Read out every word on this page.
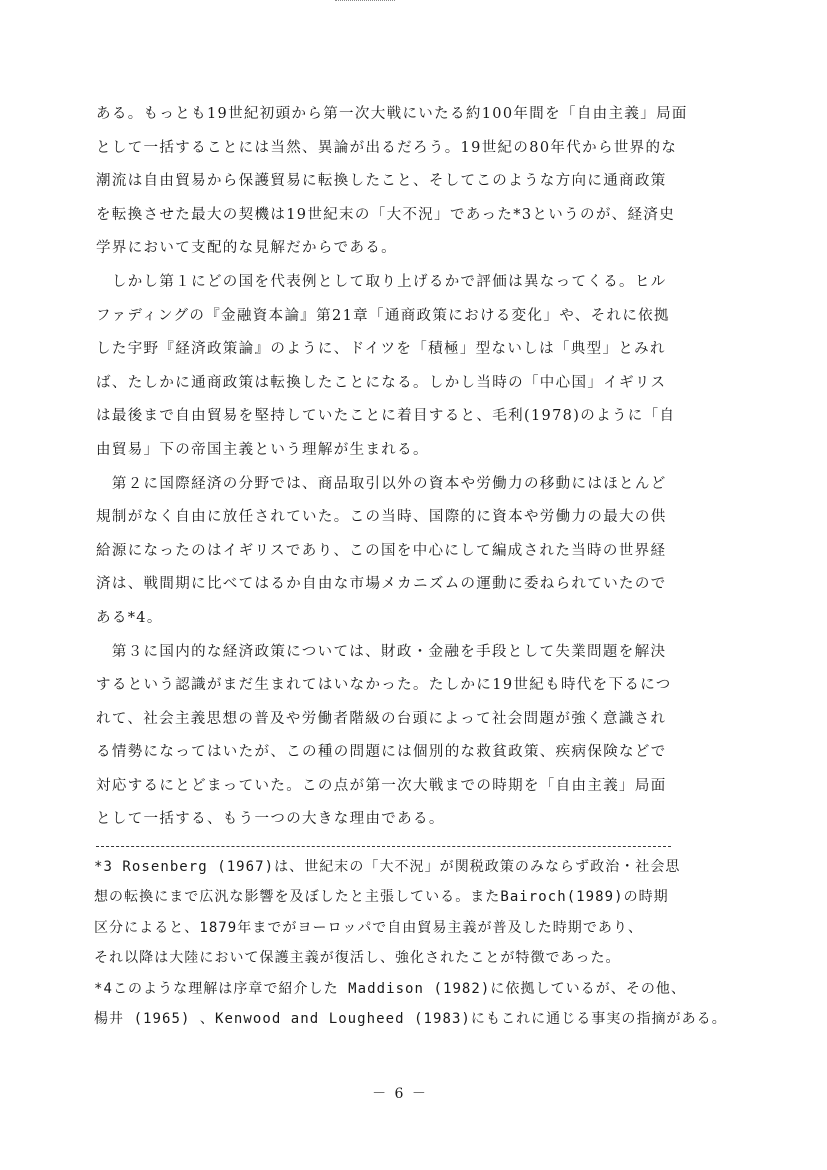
ある。もっとも19世紀初頭から第一次大戦にいたる約100年間を「自由主義」局面
として一括することには当然、異論が出るだろう。19世紀の80年代から世界的な
潮流は自由貿易から保護貿易に転換したこと、そしてこのような方向に通商政策
を転換させた最大の契機は19世紀末の「大不況」であった*3というのが、経済史
学界において支配的な見解だからである。
　しかし第１にどの国を代表例として取り上げるかで評価は異なってくる。ヒル
ファディングの『金融資本論』第21章「通商政策における変化」や、それに依拠
した宇野『経済政策論』のように、ドイツを「積極」型ないしは「典型」とみれ
ば、たしかに通商政策は転換したことになる。しかし当時の「中心国」イギリス
は最後まで自由貿易を堅持していたことに着目すると、毛利(1978)のように「自
由貿易」下の帝国主義という理解が生まれる。
　第２に国際経済の分野では、商品取引以外の資本や労働力の移動にはほとんど
規制がなく自由に放任されていた。この当時、国際的に資本や労働力の最大の供
給源になったのはイギリスであり、この国を中心にして編成された当時の世界経
済は、戦間期に比べてはるか自由な市場メカニズムの運動に委ねられていたので
ある*4。
　第３に国内的な経済政策については、財政・金融を手段として失業問題を解決
するという認識がまだ生まれてはいなかった。たしかに19世紀も時代を下るにつ
れて、社会主義思想の普及や労働者階級の台頭によって社会問題が強く意識され
る情勢になってはいたが、この種の問題には個別的な救貧政策、疾病保険などで
対応するにとどまっていた。この点が第一次大戦までの時期を「自由主義」局面
として一括する、もう一つの大きな理由である。
*3 Rosenberg (1967)は、世紀末の「大不況」が関税政策のみならず政治・社会思
想の転換にまで広汎な影響を及ぼしたと主張している。またBairoch(1989)の時期
区分によると、1879年までがヨーロッパで自由貿易主義が普及した時期であり、
それ以降は大陸において保護主義が復活し、強化されたことが特徴であった。
*4このような理解は序章で紹介した Maddison (1982)に依拠しているが、その他、
楊井 (1965) 、Kenwood and Lougheed (1983)にもこれに通じる事実の指摘がある。
－ 6 －
